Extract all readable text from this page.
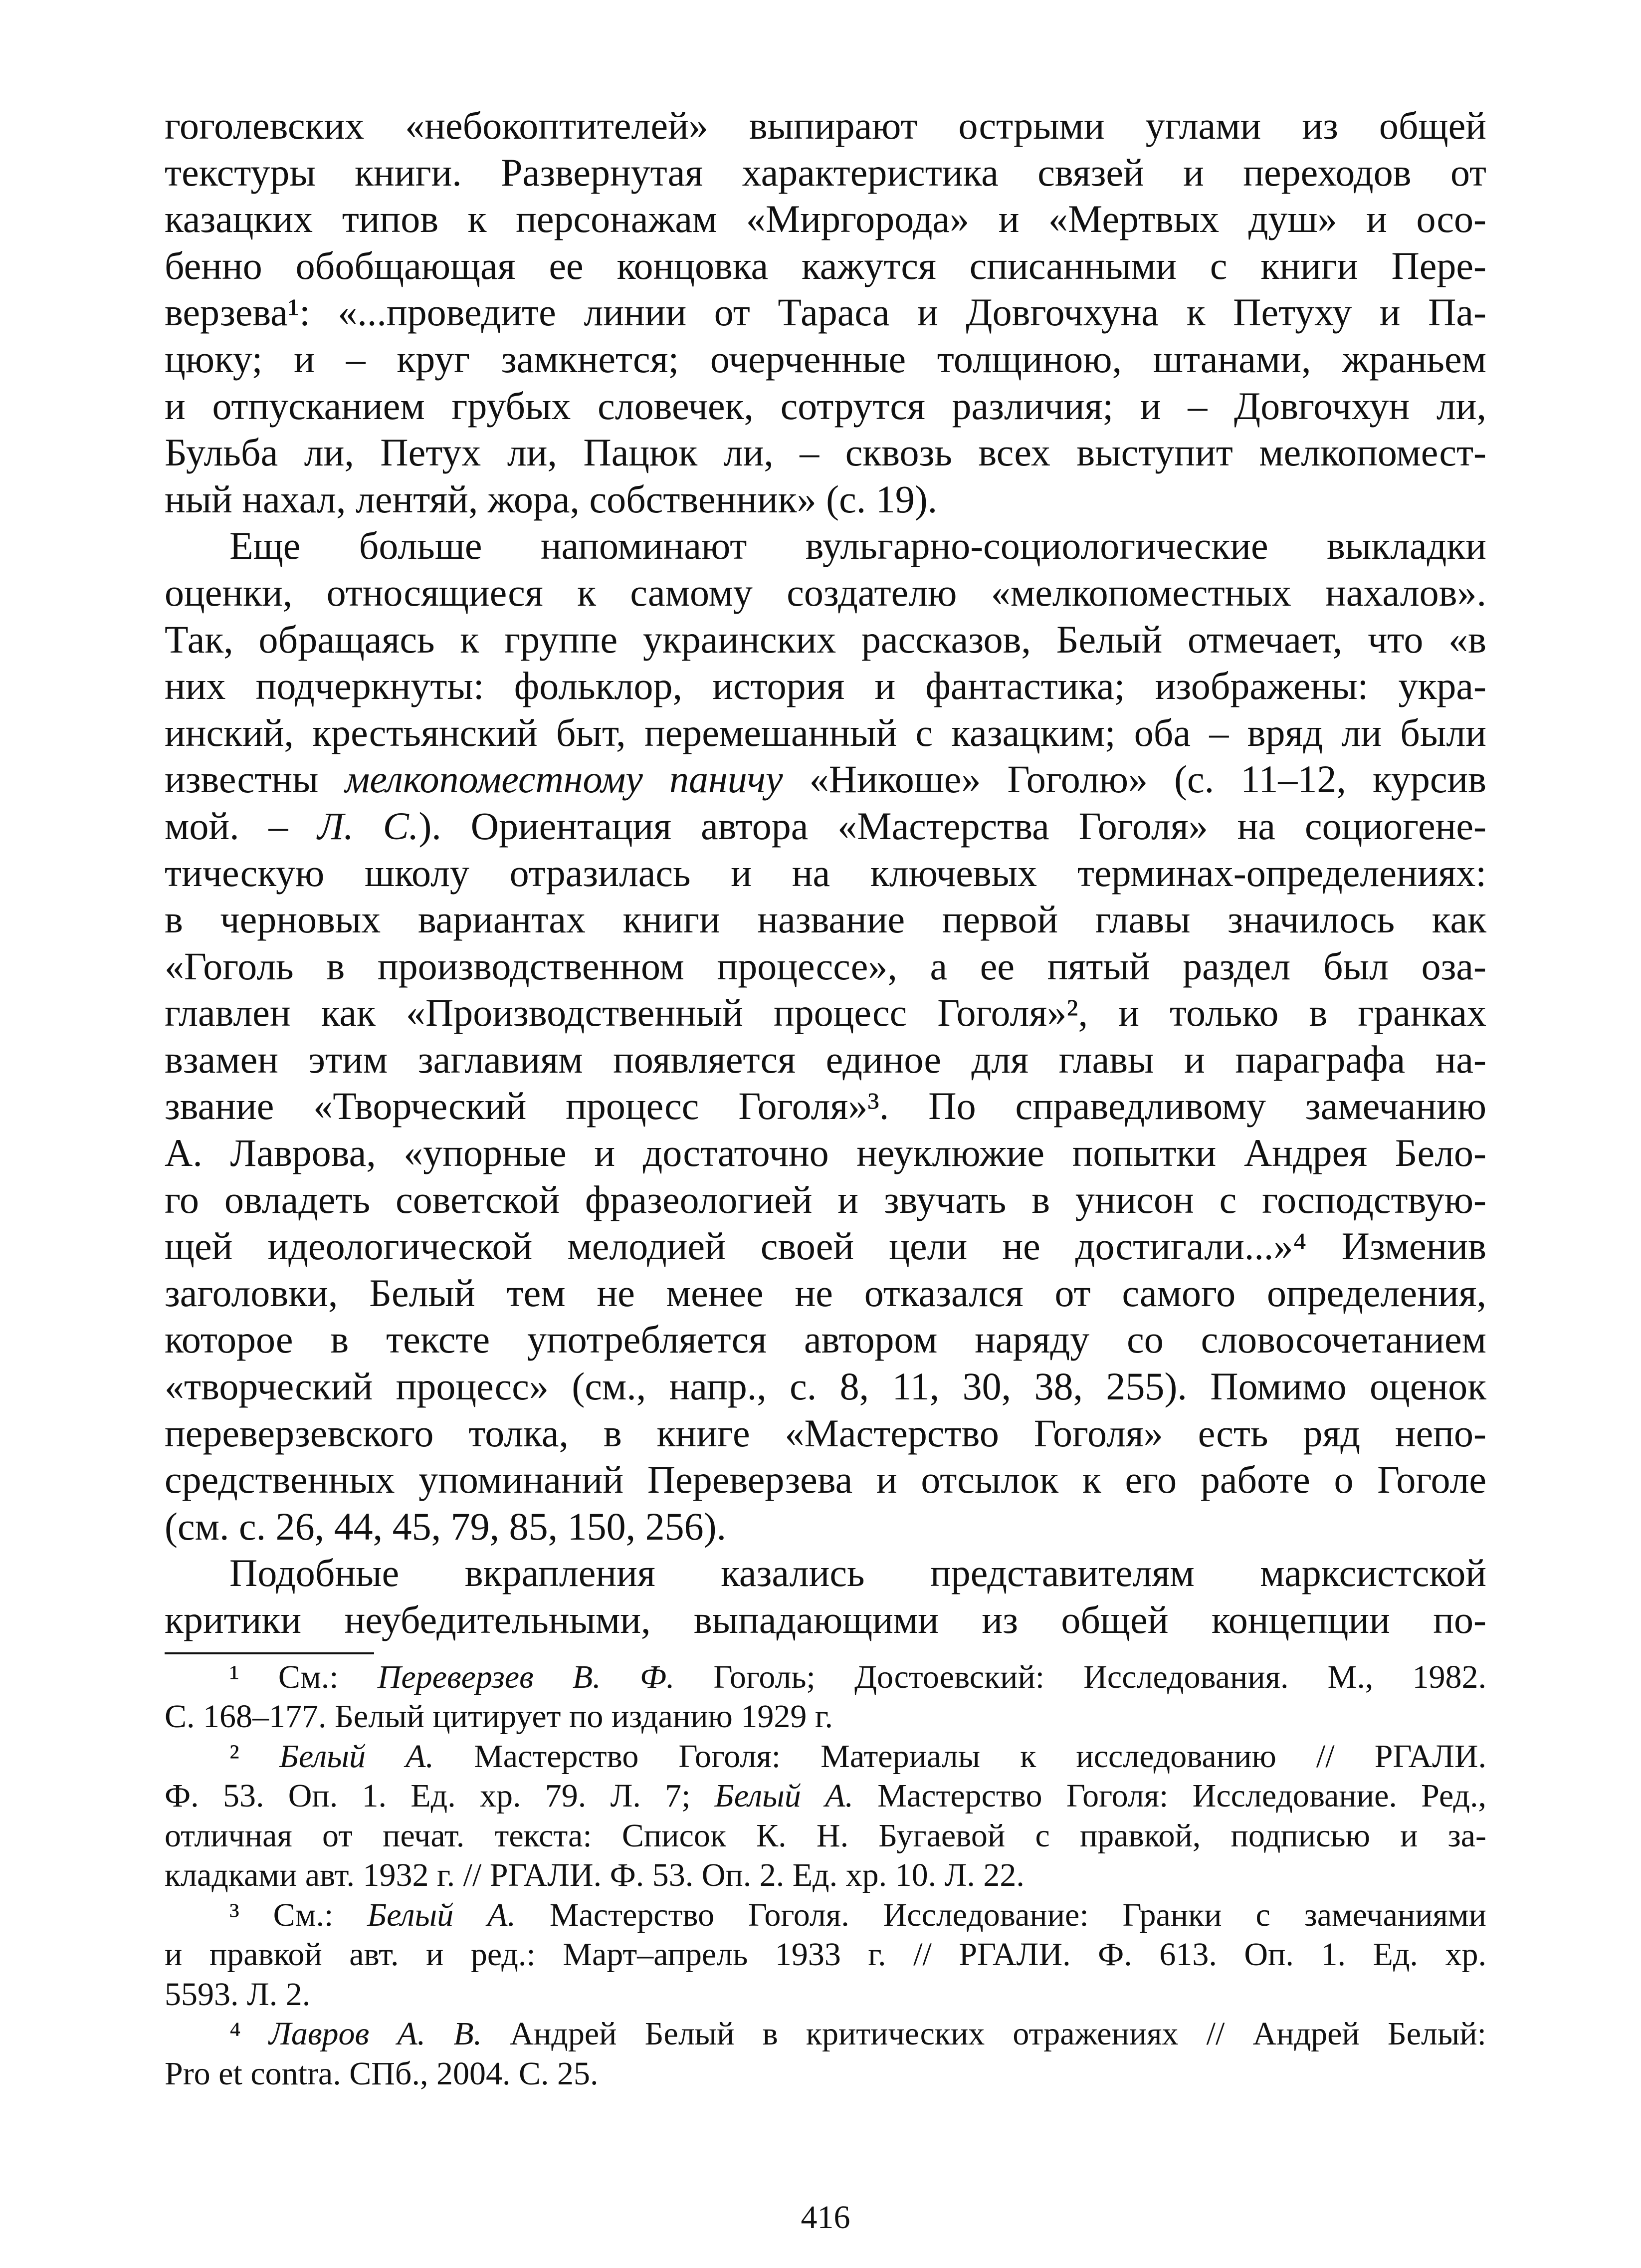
гоголевских «небокоптителей» выпирают острыми углами из общей
текстуры книги. Развернутая характеристика связей и переходов от
казацких типов к персонажам «Миргорода» и «Мертвых душ» и осо-
бенно обобщающая ее концовка кажутся списанными с книги Пере-
верзева¹: «...проведите линии от Тараса и Довгочхуна к Петуху и Па-
цюку; и – круг замкнется; очерченные толщиною, штанами, жраньем
и отпусканием грубых словечек, сотрутся различия; и – Довгочхун ли,
Бульба ли, Петух ли, Пацюк ли, – сквозь всех выступит мелкопомест-
ный нахал, лентяй, жора, собственник» (с. 19).
Еще больше напоминают вульгарно-социологические выкладки
оценки, относящиеся к самому создателю «мелкопоместных нахалов».
Так, обращаясь к группе украинских рассказов, Белый отмечает, что «в
них подчеркнуты: фольклор, история и фантастика; изображены: укра-
инский, крестьянский быт, перемешанный с казацким; оба – вряд ли были
известны мелкопоместному паничу «Никоше» Гоголю» (с. 11–12, курсив
мой. – Л. С.). Ориентация автора «Мастерства Гоголя» на социогене-
тическую школу отразилась и на ключевых терминах-определениях:
в черновых вариантах книги название первой главы значилось как
«Гоголь в производственном процессе», а ее пятый раздел был оза-
главлен как «Производственный процесс Гоголя»², и только в гранках
взамен этим заглавиям появляется единое для главы и параграфа на-
звание «Творческий процесс Гоголя»³. По справедливому замечанию
А. Лаврова, «упорные и достаточно неуклюжие попытки Андрея Бело-
го овладеть советской фразеологией и звучать в унисон с господствую-
щей идеологической мелодией своей цели не достигали...»⁴ Изменив
заголовки, Белый тем не менее не отказался от самого определения,
которое в тексте употребляется автором наряду со словосочетанием
«творческий процесс» (см., напр., с. 8, 11, 30, 38, 255). Помимо оценок
переверзевского толка, в книге «Мастерство Гоголя» есть ряд непо-
средственных упоминаний Переверзева и отсылок к его работе о Гоголе
(см. с. 26, 44, 45, 79, 85, 150, 256).
Подобные вкрапления казались представителям марксистской
критики неубедительными, выпадающими из общей концепции по-
¹ См.: Переверзев В. Ф. Гоголь; Достоевский: Исследования. М., 1982.
С. 168–177. Белый цитирует по изданию 1929 г.
² Белый А. Мастерство Гоголя: Материалы к исследованию // РГАЛИ.
Ф. 53. Оп. 1. Ед. хр. 79. Л. 7; Белый А. Мастерство Гоголя: Исследование. Ред.,
отличная от печат. текста: Список К. Н. Бугаевой с правкой, подписью и за-
кладками авт. 1932 г. // РГАЛИ. Ф. 53. Оп. 2. Ед. хр. 10. Л. 22.
³ См.: Белый А. Мастерство Гоголя. Исследование: Гранки с замечаниями
и правкой авт. и ред.: Март–апрель 1933 г. // РГАЛИ. Ф. 613. Оп. 1. Ед. хр.
5593. Л. 2.
⁴ Лавров А. В. Андрей Белый в критических отражениях // Андрей Белый:
Pro et contra. СПб., 2004. С. 25.
416
